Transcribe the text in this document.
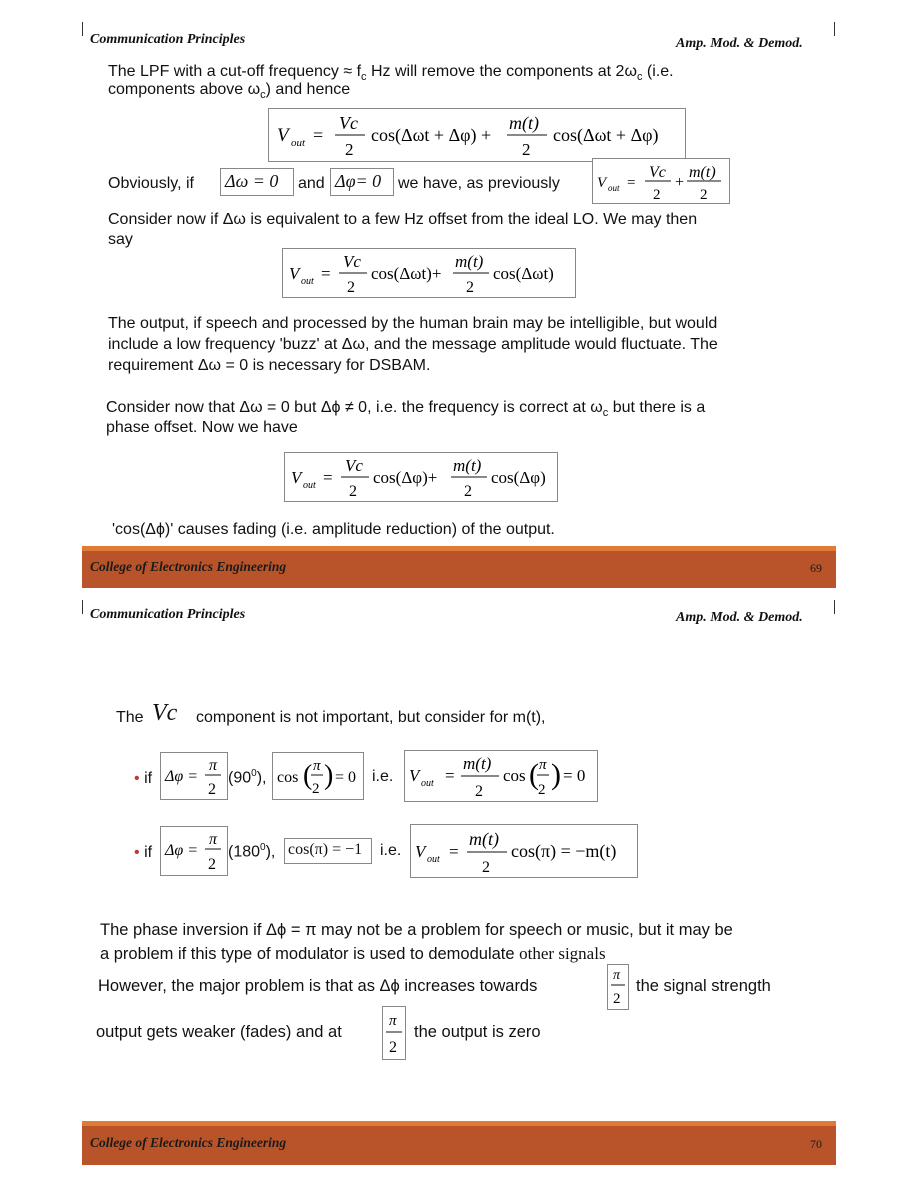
Communication Principles	Amp. Mod. & Demod.
The LPF with a cut-off frequency ≈ $f_c$ Hz will remove the components at $2\omega_c$ (i.e.
components above $\omega_c$) and hence
V out =
Vc
2
cos(Δωt + Δφ) +
m(t)
2
cos(Δωt + Δφ)
Obviously, if Δω = 0	and Δφ= 0	we have, as previously V out =
Vc
2
+
m(t)
2
Consider now if Δω is equivalent to a few Hz offset from the ideal LO. We may then
say
V out =
Vc
2
cos(Δωt)+
m(t)
2
cos(Δωt)
The output, if speech and processed by the human brain may be intelligible, but would
include a low frequency 'buzz' at Δω, and the message amplitude would fluctuate. The
requirement Δω = 0 is necessary for DSBAM.
Consider now that Δω = 0 but Δϕ ≠ 0, i.e. the frequency is correct at $\omega_c$ but there is a
phase offset. Now we have
V out =
Vc
2
cos(Δφ)+
m(t)
2
cos(Δφ)
'cos(Δϕ)' causes fading (i.e. amplitude reduction) of the output.
College of Electronics Engineering	69
Communication Principles	Amp. Mod. & Demod.
The Vc component is not important, but consider for m(t),
• if Δφ =
π
2
$(90^0)$, cos ( π
2 ) = 0 i.e. V out =
m(t)
2
cos ( π
2 ) = 0
• if Δφ =
π
2
$(180^0)$, cos(π) = −1	i.e. V out =
m(t)
2
cos(π) = −m(t)
The phase inversion if Δϕ = π may not be a problem for speech or music, but it may be
a problem if this type of modulator is used to demodulate other signals
However, the major problem is that as Δϕ increases towards
π
2
the signal strength
output gets weaker (fades) and at
π
2
the output is zero
College of Electronics Engineering	70
